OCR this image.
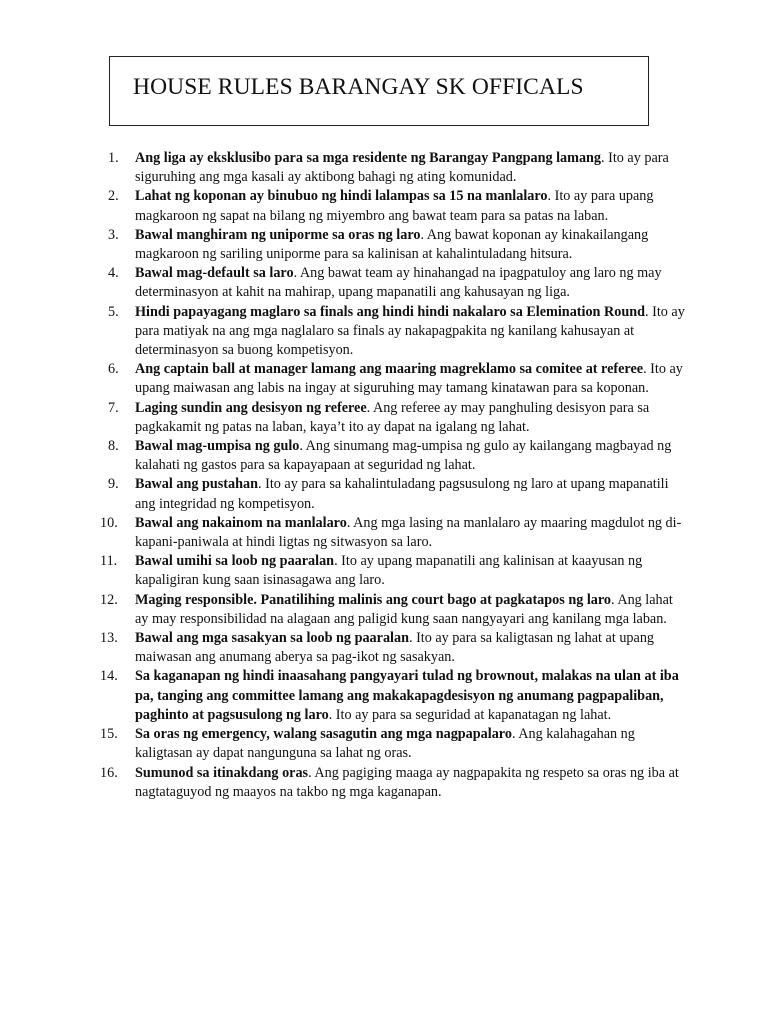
HOUSE RULES BARANGAY SK OFFICALS
1.	Ang liga ay eksklusibo para sa mga residente ng Barangay Pangpang lamang. Ito ay para siguruhing ang mga kasali ay aktibong bahagi ng ating komunidad.
2.	Lahat ng koponan ay binubuo ng hindi lalampas sa 15 na manlalaro. Ito ay para upang magkaroon ng sapat na bilang ng miyembro ang bawat team para sa patas na laban.
3.	Bawal manghiram ng uniporme sa oras ng laro. Ang bawat koponan ay kinakailangang magkaroon ng sariling uniporme para sa kalinisan at kahalintuladang hitsura.
4.	Bawal mag-default sa laro. Ang bawat team ay hinahangad na ipagpatuloy ang laro ng may determinasyon at kahit na mahirap, upang mapanatili ang kahusayan ng liga.
5.	Hindi papayagang maglaro sa finals ang hindi hindi nakalaro sa Elemination Round. Ito ay para matiyak na ang mga naglalaro sa finals ay nakapagpakita ng kanilang kahusayan at determinasyon sa buong kompetisyon.
6.	Ang captain ball at manager lamang ang maaring magreklamo sa comitee at referee. Ito ay upang maiwasan ang labis na ingay at siguruhing may tamang kinatawan para sa koponan.
7.	Laging sundin ang desisyon ng referee. Ang referee ay may panghuling desisyon para sa pagkakamit ng patas na laban, kaya’t ito ay dapat na igalang ng lahat.
8.	Bawal mag-umpisa ng gulo. Ang sinumang mag-umpisa ng gulo ay kailangang magbayad ng kalahati ng gastos para sa kapayapaan at seguridad ng lahat.
9.	Bawal ang pustahan. Ito ay para sa kahalintuladang pagsusulong ng laro at upang mapanatili ang integridad ng kompetisyon.
10.	Bawal ang nakainom na manlalaro. Ang mga lasing na manlalaro ay maaring magdulot ng di-kapani-paniwala at hindi ligtas ng sitwasyon sa laro.
11.	Bawal umihi sa loob ng paaralan. Ito ay upang mapanatili ang kalinisan at kaayusan ng kapaligiran kung saan isinasagawa ang laro.
12.	Maging responsible. Panatilihing malinis ang court bago at pagkatapos ng laro. Ang lahat ay may responsibilidad na alagaan ang paligid kung saan nangyayari ang kanilang mga laban.
13.	Bawal ang mga sasakyan sa loob ng paaralan. Ito ay para sa kaligtasan ng lahat at upang maiwasan ang anumang aberya sa pag-ikot ng sasakyan.
14.	Sa kaganapan ng hindi inaasahang pangyayari tulad ng brownout, malakas na ulan at iba pa, tanging ang committee lamang ang makakapagdesisyon ng anumang pagpapaliban, paghinto at pagsusulong ng laro. Ito ay para sa seguridad at kapanatagan ng lahat.
15.	Sa oras ng emergency, walang sasagutin ang mga nagpapalaro. Ang kalahagahan ng kaligtasan ay dapat nangunguna sa lahat ng oras.
16.	Sumunod sa itinakdang oras. Ang pagiging maaga ay nagpapakita ng respeto sa oras ng iba at nagtataguyod ng maayos na takbo ng mga kaganapan.
